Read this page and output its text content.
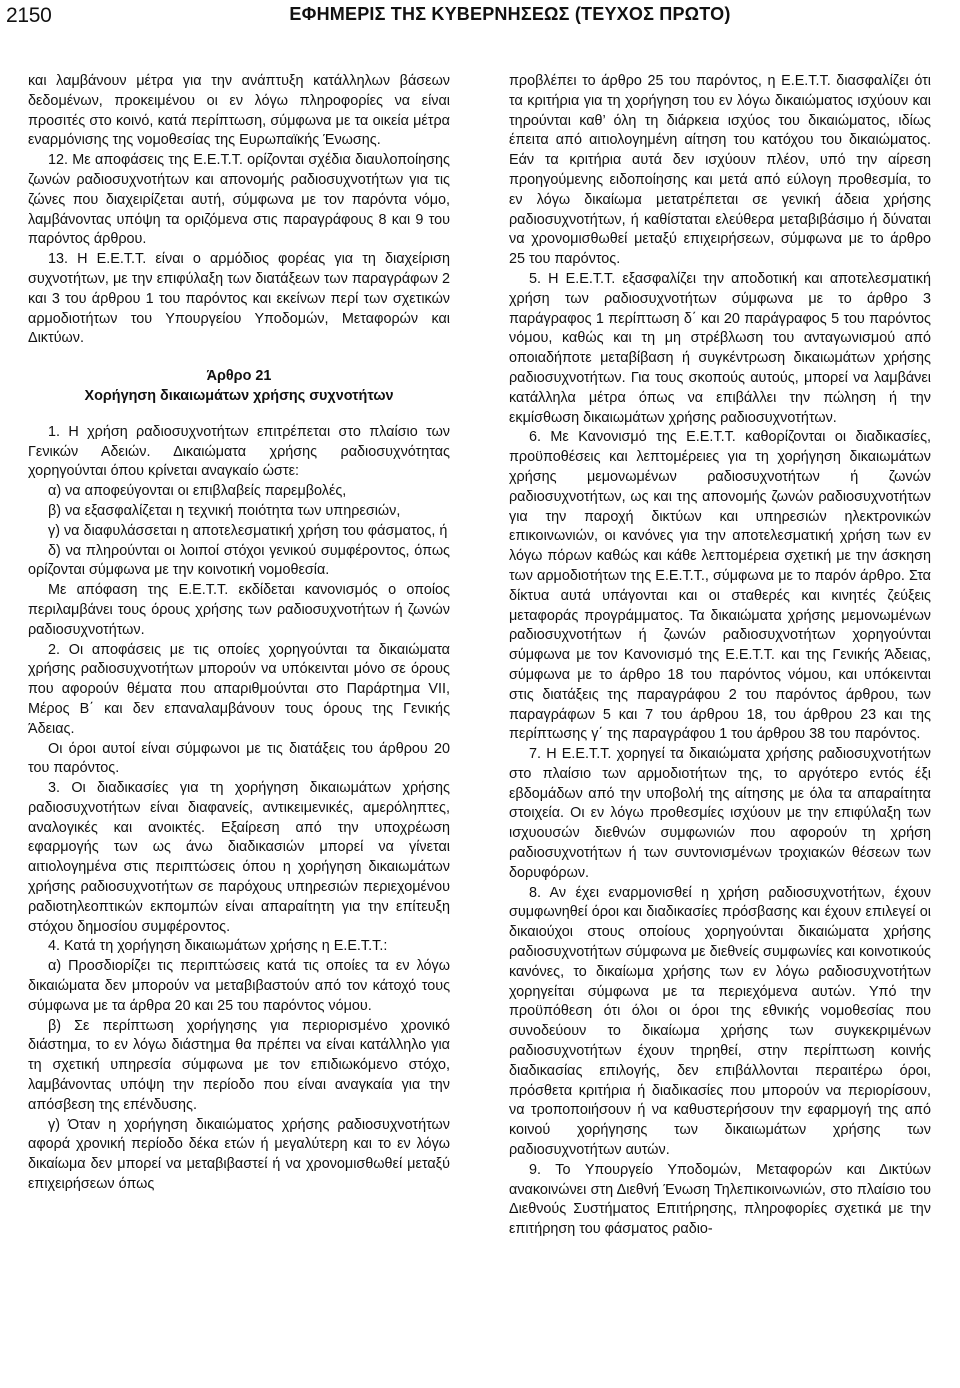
2150	ΕΦΗΜΕΡΙΣ ΤΗΣ ΚΥΒΕΡΝΗΣΕΩΣ (ΤΕΥΧΟΣ ΠΡΩΤΟ)

και λαμβάνουν μέτρα για την ανάπτυξη κατάλληλων βάσεων δεδομένων, προκειμένου οι εν λόγω πληροφορίες να είναι προσιτές στο κοινό, κατά περίπτωση, σύμφωνα με τα οικεία μέτρα εναρμόνισης της νομοθεσίας της Ευρωπαϊκής Ένωσης.

12. Με αποφάσεις της Ε.Ε.Τ.Τ. ορίζονται σχέδια διαυλοποίησης ζωνών ραδιοσυχνοτήτων και απονομής ραδιοσυχνοτήτων για τις ζώνες που διαχειρίζεται αυτή, σύμφωνα με τον παρόντα νόμο, λαμβάνοντας υπόψη τα οριζόμενα στις παραγράφους 8 και 9 του παρόντος άρθρου.

13. Η Ε.Ε.Τ.Τ. είναι ο αρμόδιος φορέας για τη διαχείριση συχνοτήτων, με την επιφύλαξη των διατάξεων των παραγράφων 2 και 3 του άρθρου 1 του παρόντος και εκείνων περί των σχετικών αρμοδιοτήτων του Υπουργείου Υποδομών, Μεταφορών και Δικτύων.

Άρθρο 21

Χορήγηση δικαιωμάτων χρήσης συχνοτήτων

1. Η χρήση ραδιοσυχνοτήτων επιτρέπεται στο πλαίσιο των Γενικών Αδειών. Δικαιώματα χρήσης ραδιοσυχνότητας χορηγούνται όπου κρίνεται αναγκαίο ώστε:

α) να αποφεύγονται οι επιβλαβείς παρεμβολές,

β) να εξασφαλίζεται η τεχνική ποιότητα των υπηρεσιών,

γ) να διαφυλάσσεται η αποτελεσματική χρήση του φάσματος, ή

δ) να πληρούνται οι λοιποί στόχοι γενικού συμφέροντος, όπως ορίζονται σύμφωνα με την κοινοτική νομοθεσία.

Με απόφαση της Ε.Ε.Τ.Τ. εκδίδεται κανονισμός ο οποίος περιλαμβάνει τους όρους χρήσης των ραδιοσυχνοτήτων ή ζωνών ραδιοσυχνοτήτων.

2. Οι αποφάσεις με τις οποίες χορηγούνται τα δικαιώματα χρήσης ραδιοσυχνοτήτων μπορούν να υπόκεινται μόνο σε όρους που αφορούν θέματα που απαριθμούνται στο Παράρτημα VII, Μέρος Β΄ και δεν επαναλαμβάνουν τους όρους της Γενικής Άδειας.

Οι όροι αυτοί είναι σύμφωνοι με τις διατάξεις του άρθρου 20 του παρόντος.

3. Οι διαδικασίες για τη χορήγηση δικαιωμάτων χρήσης ραδιοσυχνοτήτων είναι διαφανείς, αντικειμενικές, αμερόληπτες, αναλογικές και ανοικτές. Εξαίρεση από την υποχρέωση εφαρμογής των ως άνω διαδικασιών μπορεί να γίνεται αιτιολογημένα στις περιπτώσεις όπου η χορήγηση δικαιωμάτων χρήσης ραδιοσυχνοτήτων σε παρόχους υπηρεσιών περιεχομένου ραδιοτηλεοπτικών εκπομπών είναι απαραίτητη για την επίτευξη στόχου δημοσίου συμφέροντος.

4. Κατά τη χορήγηση δικαιωμάτων χρήσης η Ε.Ε.Τ.Τ.:

α) Προσδιορίζει τις περιπτώσεις κατά τις οποίες τα εν λόγω δικαιώματα δεν μπορούν να μεταβιβαστούν από τον κάτοχό τους σύμφωνα με τα άρθρα 20 και 25 του παρόντος νόμου.

β) Σε περίπτωση χορήγησης για περιορισμένο χρονικό διάστημα, το εν λόγω διάστημα θα πρέπει να είναι κατάλληλο για τη σχετική υπηρεσία σύμφωνα με τον επιδιωκόμενο στόχο, λαμβάνοντας υπόψη την περίοδο που είναι αναγκαία για την απόσβεση της επένδυσης.

γ) Όταν η χορήγηση δικαιώματος χρήσης ραδιοσυχνοτήτων αφορά χρονική περίοδο δέκα ετών ή μεγαλύτερη και το εν λόγω δικαίωμα δεν μπορεί να μεταβιβαστεί ή να χρονομισθωθεί μεταξύ επιχειρήσεων όπως

προβλέπει το άρθρο 25 του παρόντος, η Ε.Ε.Τ.Τ. διασφαλίζει ότι τα κριτήρια για τη χορήγηση του εν λόγω δικαιώματος ισχύουν και τηρούνται καθ’ όλη τη διάρκεια ισχύος του δικαιώματος, ιδίως έπειτα από αιτιολογημένη αίτηση του κατόχου του δικαιώματος. Εάν τα κριτήρια αυτά δεν ισχύουν πλέον, υπό την αίρεση προηγούμενης ειδοποίησης και μετά από εύλογη προθεσμία, το εν λόγω δικαίωμα μετατρέπεται σε γενική άδεια χρήσης ραδιοσυχνοτήτων, ή καθίσταται ελεύθερα μεταβιβάσιμο ή δύναται να χρονομισθωθεί μεταξύ επιχειρήσεων, σύμφωνα με το άρθρο 25 του παρόντος.

5. Η Ε.Ε.Τ.Τ. εξασφαλίζει την αποδοτική και αποτελεσματική χρήση των ραδιοσυχνοτήτων σύμφωνα με το άρθρο 3 παράγραφος 1 περίπτωση δ΄ και 20 παράγραφος 5 του παρόντος νόμου, καθώς και τη μη στρέβλωση του ανταγωνισμού από οποιαδήποτε μεταβίβαση ή συγκέντρωση δικαιωμάτων χρήσης ραδιοσυχνοτήτων. Για τους σκοπούς αυτούς, μπορεί να λαμβάνει κατάλληλα μέτρα όπως να επιβάλλει την πώληση ή την εκμίσθωση δικαιωμάτων χρήσης ραδιοσυχνοτήτων.

6. Με Κανονισμό της Ε.Ε.Τ.Τ. καθορίζονται οι διαδικασίες, προϋποθέσεις και λεπτομέρειες για τη χορήγηση δικαιωμάτων χρήσης μεμονωμένων ραδιοσυχνοτήτων ή ζωνών ραδιοσυχνοτήτων, ως και της απονομής ζωνών ραδιοσυχνοτήτων για την παροχή δικτύων και υπηρεσιών ηλεκτρονικών επικοινωνιών, οι κανόνες για την αποτελεσματική χρήση των εν λόγω πόρων καθώς και κάθε λεπτομέρεια σχετική με την άσκηση των αρμοδιοτήτων της Ε.Ε.Τ.Τ., σύμφωνα με το παρόν άρθρο. Στα δίκτυα αυτά υπάγονται και οι σταθερές και κινητές ζεύξεις μεταφοράς προγράμματος. Τα δικαιώματα χρήσης μεμονωμένων ραδιοσυχνοτήτων ή ζωνών ραδιοσυχνοτήτων χορηγούνται σύμφωνα με τον Κανονισμό της Ε.Ε.Τ.Τ. και της Γενικής Άδειας, σύμφωνα με το άρθρο 18 του παρόντος νόμου, και υπόκεινται στις διατάξεις της παραγράφου 2 του παρόντος άρθρου, των παραγράφων 5 και 7 του άρθρου 18, του άρθρου 23 και της περίπτωσης γ΄ της παραγράφου 1 του άρθρου 38 του παρόντος.

7. Η Ε.Ε.Τ.Τ. χορηγεί τα δικαιώματα χρήσης ραδιοσυχνοτήτων στο πλαίσιο των αρμοδιοτήτων της, το αργότερο εντός έξι εβδομάδων από την υποβολή της αίτησης με όλα τα απαραίτητα στοιχεία. Οι εν λόγω προθεσμίες ισχύουν με την επιφύλαξη των ισχυουσών διεθνών συμφωνιών που αφορούν τη χρήση ραδιοσυχνοτήτων ή των συντονισμένων τροχιακών θέσεων των δορυφόρων.

8. Αν έχει εναρμονισθεί η χρήση ραδιοσυχνοτήτων, έχουν συμφωνηθεί όροι και διαδικασίες πρόσβασης και έχουν επιλεγεί οι δικαιούχοι στους οποίους χορηγούνται δικαιώματα χρήσης ραδιοσυχνοτήτων σύμφωνα με διεθνείς συμφωνίες και κοινοτικούς κανόνες, το δικαίωμα χρήσης των εν λόγω ραδιοσυχνοτήτων χορηγείται σύμφωνα με τα περιεχόμενα αυτών. Υπό την προϋπόθεση ότι όλοι οι όροι της εθνικής νομοθεσίας που συνοδεύουν το δικαίωμα χρήσης των συγκεκριμένων ραδιοσυχνοτήτων έχουν τηρηθεί, στην περίπτωση κοινής διαδικασίας επιλογής, δεν επιβάλλονται περαιτέρω όροι, πρόσθετα κριτήρια ή διαδικασίες που μπορούν να περιορίσουν, να τροποποιήσουν ή να καθυστερήσουν την εφαρμογή της από κοινού χορήγησης των δικαιωμάτων χρήσης των ραδιοσυχνοτήτων αυτών.

9. Το Υπουργείο Υποδομών, Μεταφορών και Δικτύων ανακοινώνει στη Διεθνή Ένωση Τηλεπικοινωνιών, στο πλαίσιο του Διεθνούς Συστήματος Επιτήρησης, πληροφορίες σχετικά με την επιτήρηση του φάσματος ραδιο-
